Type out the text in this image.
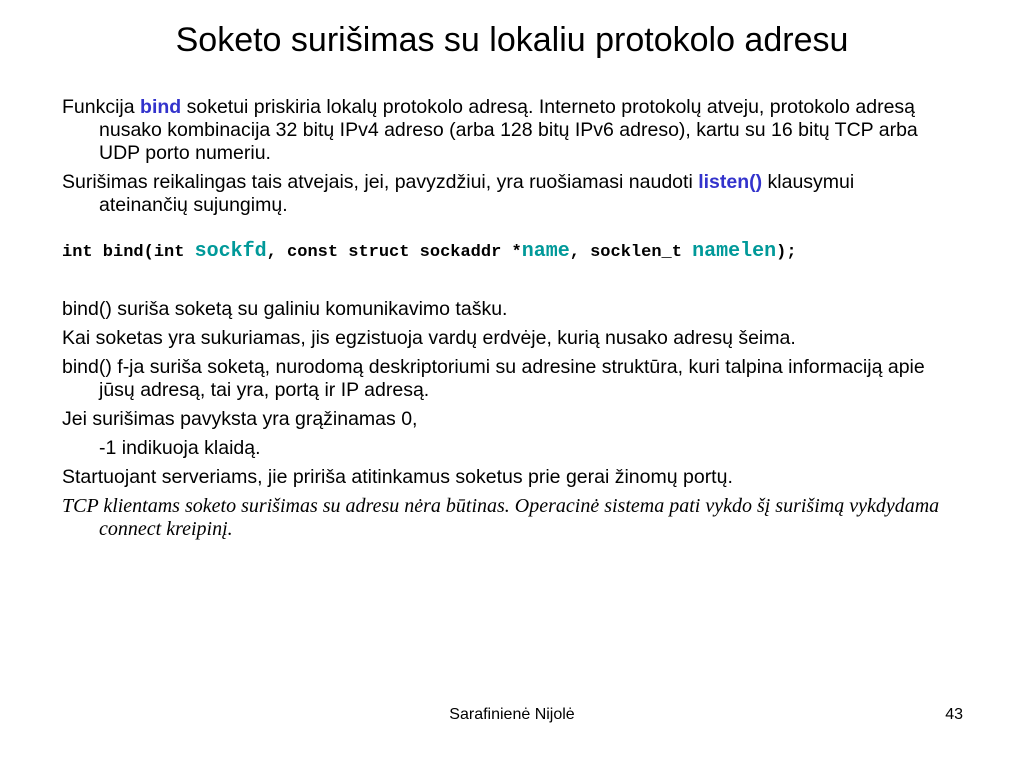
Soketo surišimas su lokaliu protokolo adresu

Funkcija bind soketui priskiria lokalų protokolo adresą. Interneto protokolų atveju, protokolo adresą nusako kombinacija 32 bitų IPv4 adreso (arba 128 bitų IPv6 adreso), kartu su 16 bitų TCP arba UDP porto numeriu.

Surišimas reikalingas tais atvejais, jei, pavyzdžiui, yra ruošiamasi naudoti listen() klausymui ateinančių sujungimų.

int bind(int sockfd, const struct sockaddr *name, socklen_t namelen);

bind() suriša soketą su galiniu komunikavimo tašku.

Kai soketas yra sukuriamas, jis egzistuoja vardų erdvėje, kurią nusako adresų šeima.

bind() f-ja suriša soketą, nurodomą deskriptoriumi su adresine struktūra, kuri talpina informaciją apie jūsų adresą, tai yra, portą ir IP adresą.

Jei surišimas pavyksta yra grąžinamas 0,

-1 indikuoja klaidą.

Startuojant serveriams, jie pririša atitinkamus soketus prie gerai žinomų portų.

TCP klientams soketo surišimas su adresu nėra būtinas. Operacinė sistema pati vykdo šį surišimą vykdydama connect kreipinį.

Sarafinienė Nijolė	43
